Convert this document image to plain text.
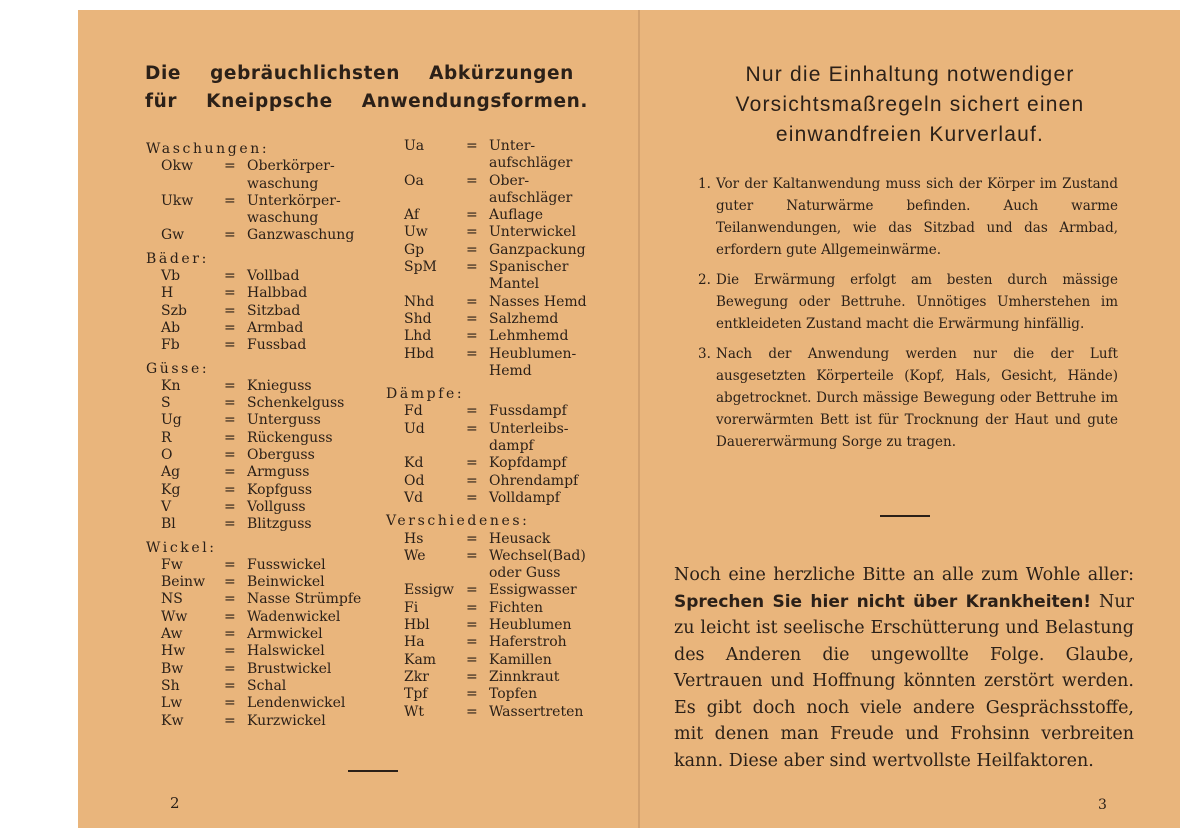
Die gebräuchlichsten Abkürzungen
für Kneippsche Anwendungsformen.
Waschungen:
Okw	= Oberkörper-
waschung
Ukw	= Unterkörper-
waschung
Gw	= Ganzwaschung
Bäder:
Vb	= Vollbad
H	= Halbbad
Szb	= Sitzbad
Ab	= Armbad
Fb	= Fussbad
Güsse:
Kn	= Knieguss
S	= Schenkelguss
Ug	= Unterguss
R	= Rückenguss
O	= Oberguss
Ag	= Armguss
Kg	= Kopfguss
V	= Vollguss
Bl	= Blitzguss
Wickel:
Fw	= Fusswickel
Beinw	= Beinwickel
NS	= Nasse Strümpfe
Ww	= Wadenwickel
Aw	= Armwickel
Hw	= Halswickel
Bw	= Brustwickel
Sh	= Schal
Lw	= Lendenwickel
Kw	= Kurzwickel
Ua	= Unter-
aufschläger
Oa	= Ober-
aufschläger
Af	= Auflage
Uw	= Unterwickel
Gp	= Ganzpackung
SpM	= Spanischer
Mantel
Nhd	= Nasses Hemd
Shd	= Salzhemd
Lhd	= Lehmhemd
Hbd	= Heublumen-
Hemd
Dämpfe:
Fd	= Fussdampf
Ud	= Unterleibs-
dampf
Kd	= Kopfdampf
Od	= Ohrendampf
Vd	= Volldampf
Verschiedenes:
Hs	= Heusack
We	= Wechsel(Bad)
oder Guss
Essigw = Essigwasser
Fi	= Fichten
Hbl	= Heublumen
Ha	= Haferstroh
Kam	= Kamillen
Zkr	= Zinnkraut
Tpf	= Topfen
Wt	= Wassertreten
2
Nur die Einhaltung notwendiger
Vorsichtsmaßregeln sichert einen
einwandfreien Kurverlauf.
1. Vor der Kaltanwendung muss sich der Körper im Zustand guter Naturwärme befinden. Auch warme Teilanwendungen, wie das Sitzbad und das Armbad, erfordern gute Allgemeinwärme.
2. Die Erwärmung erfolgt am besten durch mässige Bewegung oder Bettruhe. Unnötiges Umherstehen im entkleideten Zustand macht die Erwärmung hinfällig.
3. Nach der Anwendung werden nur die der Luft ausgesetzten Körperteile (Kopf, Hals, Gesicht, Hände) abgetrocknet. Durch mässige Bewegung oder Bettruhe im vorerwärmten Bett ist für Trocknung der Haut und gute Dauererwärmung Sorge zu tragen.
Noch eine herzliche Bitte an alle zum Wohle aller: Sprechen Sie hier nicht über Krankheiten! Nur zu leicht ist seelische Erschütterung und Belastung des Anderen die ungewollte Folge. Glaube, Vertrauen und Hoffnung könnten zerstört werden. Es gibt doch noch viele andere Gesprächsstoffe, mit denen man Freude und Frohsinn verbreiten kann. Diese aber sind wertvollste Heilfaktoren.
3
